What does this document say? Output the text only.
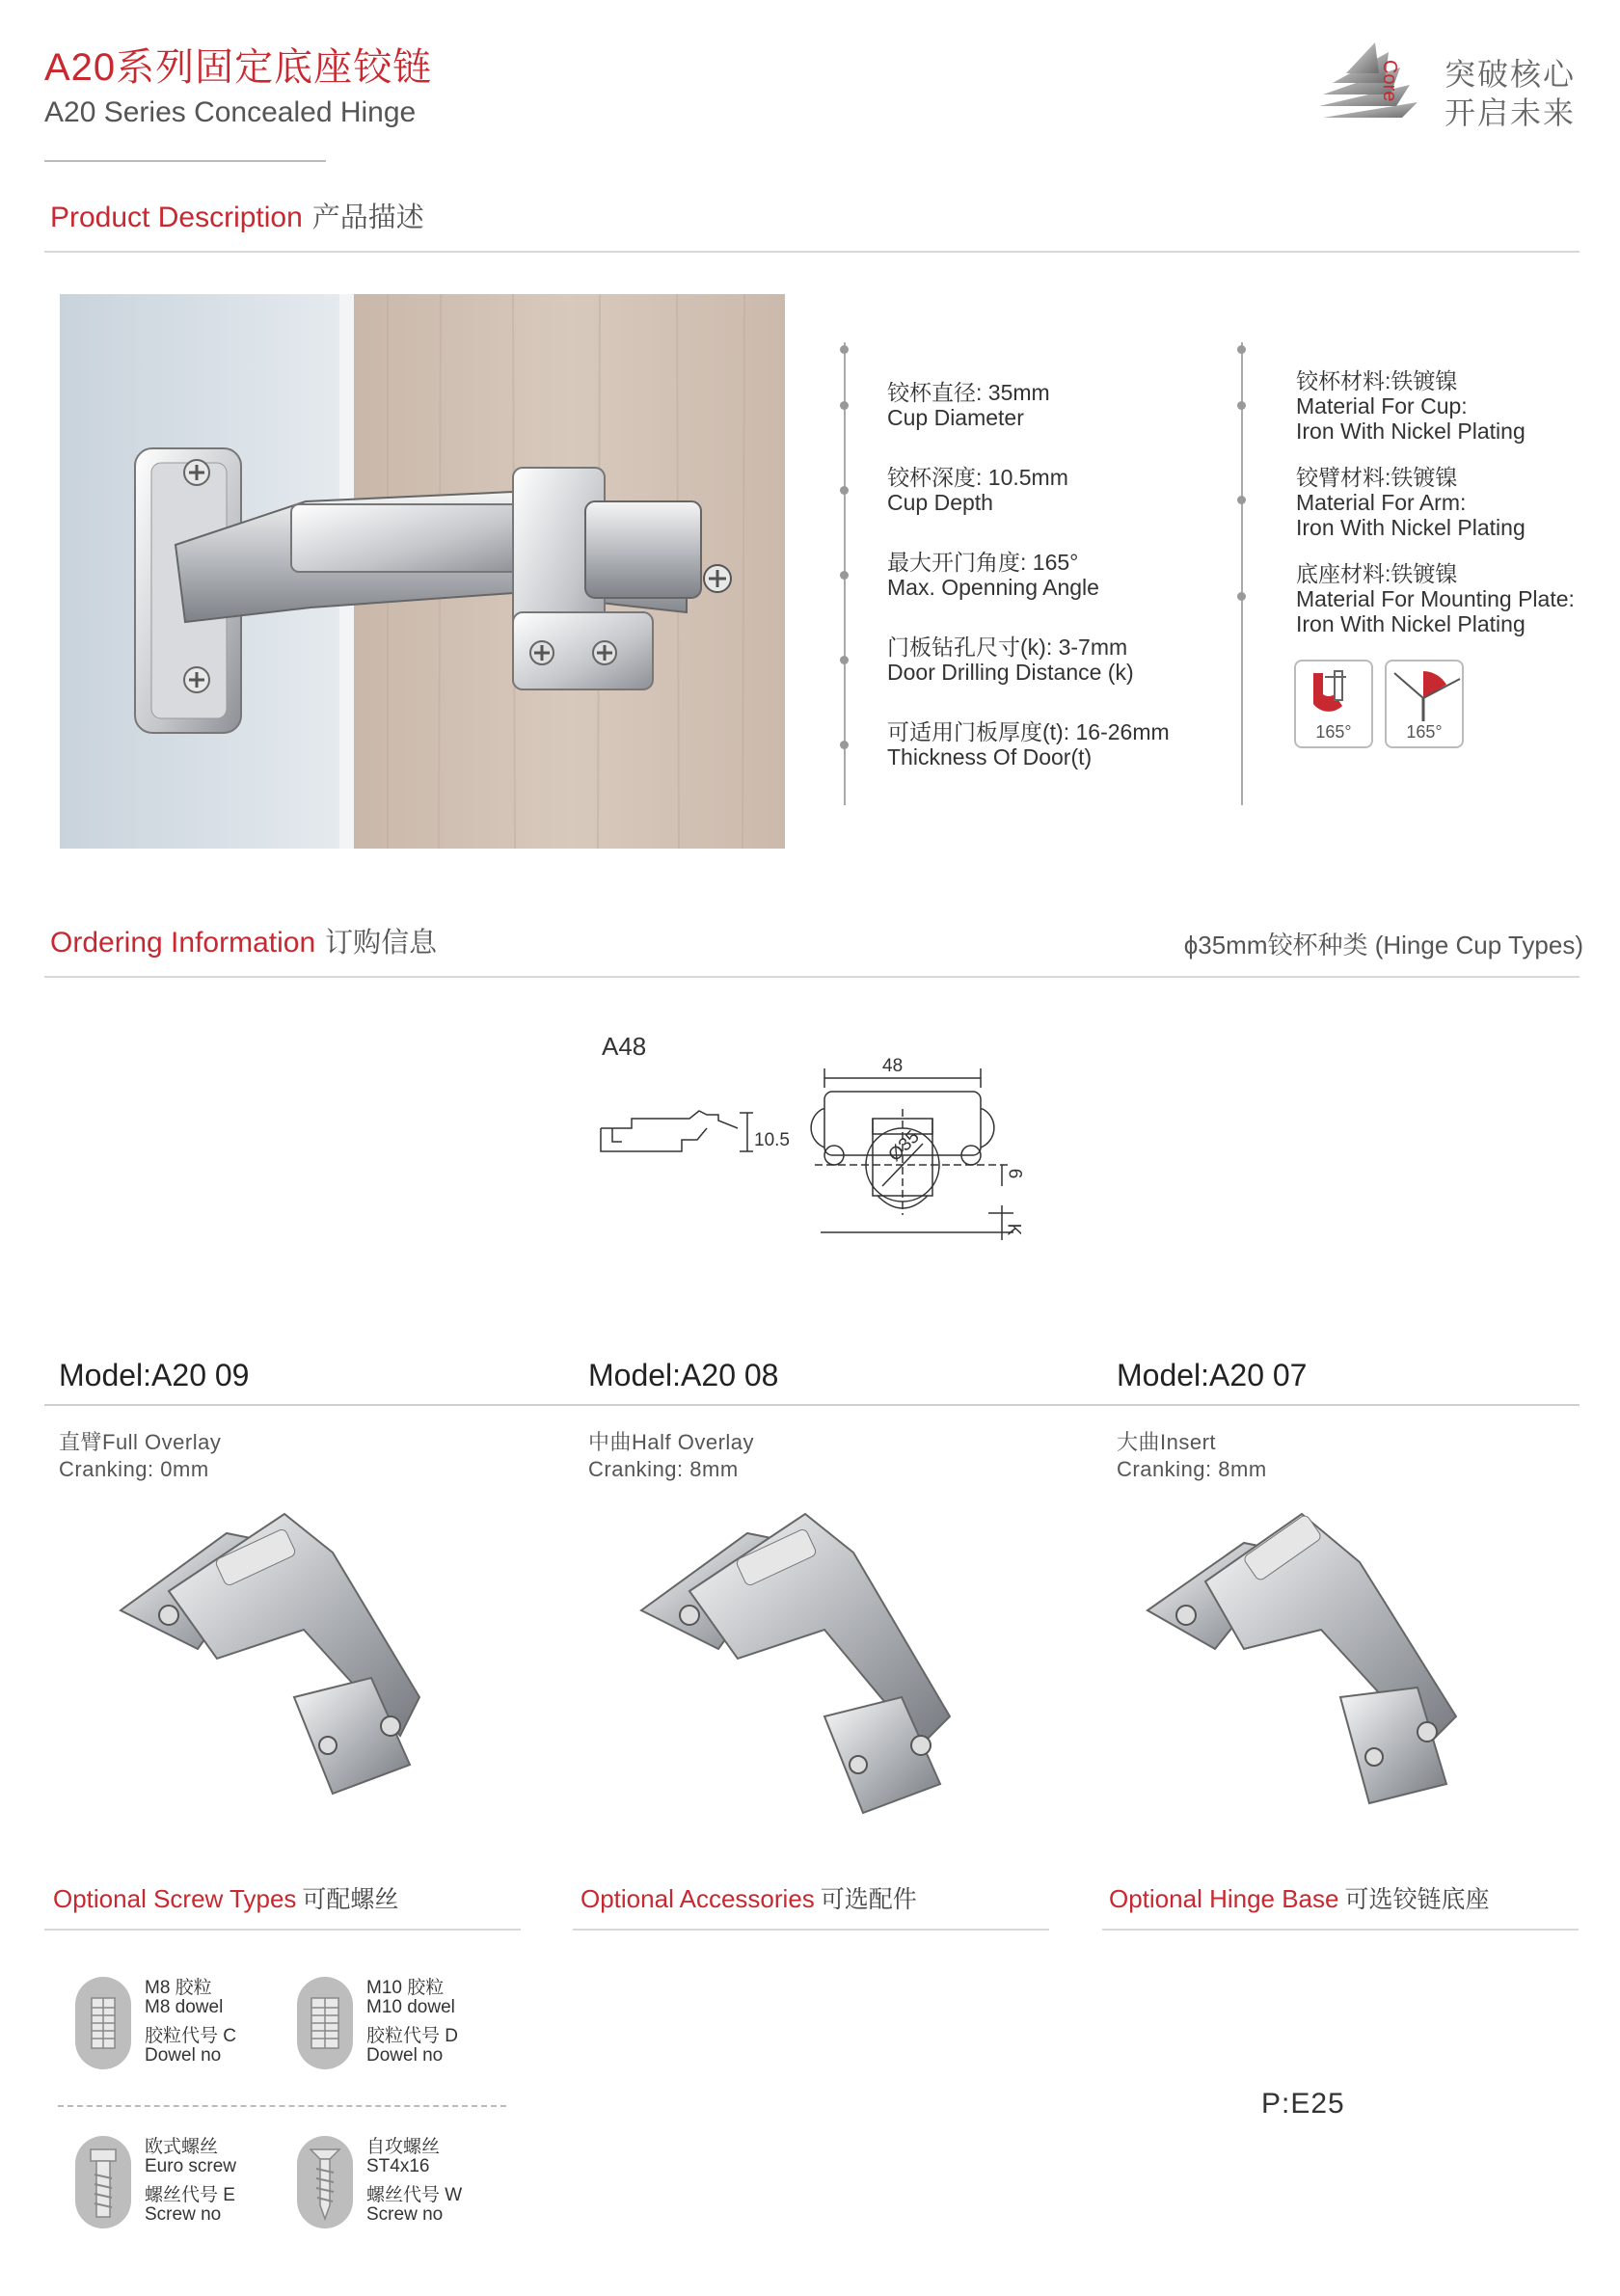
A20系列固定底座铰链
A20 Series Concealed Hinge
Core 突破核心
开启未来
Product Description 产品描述
铰杯直径: 35mm
Cup Diameter
铰杯深度: 10.5mm
Cup Depth
最大开门角度: 165°
Max. Openning Angle
门板钻孔尺寸(k): 3-7mm
Door Drilling Distance (k)
可适用门板厚度(t): 16-26mm
Thickness Of Door(t)
铰杯材料:铁镀镍
Material For Cup:
Iron With Nickel Plating
铰臂材料:铁镀镍
Material For Arm:
Iron With Nickel Plating
底座材料:铁镀镍
Material For Mounting Plate:
Iron With Nickel Plating
165°	165°
Ordering Information 订购信息	ϕ35mm铰杯种类 (Hinge Cup Types)
A48
48
10.5	Ø35
6
K
Model:A20 09	Model:A20 08	Model:A20 07
直臂Full Overlay
Cranking: 0mm
中曲Half Overlay
Cranking: 8mm
大曲Insert
Cranking: 8mm
Optional Screw Types 可配螺丝	Optional Accessories 可选配件	Optional Hinge Base 可选铰链底座
M8 胶粒
M8 dowel
胶粒代号 C
Dowel no
M10 胶粒
M10 dowel
胶粒代号 D
Dowel no
欧式螺丝
Euro screw
螺丝代号 E
Screw no
自攻螺丝
ST4x16
螺丝代号 W
Screw no
P:E25
